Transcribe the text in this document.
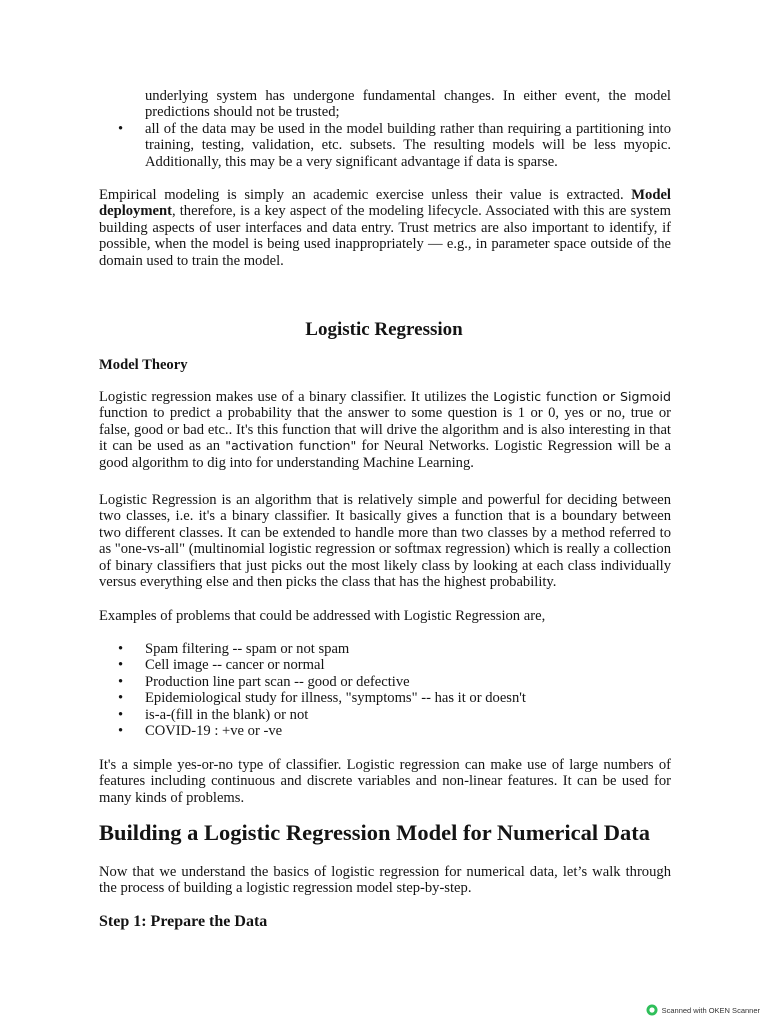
underlying system has undergone fundamental changes. In either event, the model predictions should not be trusted;

• all of the data may be used in the model building rather than requiring a partitioning into training, testing, validation, etc. subsets. The resulting models will be less myopic. Additionally, this may be a very significant advantage if data is sparse.

Empirical modeling is simply an academic exercise unless their value is extracted. Model deployment, therefore, is a key aspect of the modeling lifecycle. Associated with this are system building aspects of user interfaces and data entry. Trust metrics are also important to identify, if possible, when the model is being used inappropriately — e.g., in parameter space outside of the domain used to train the model.

Logistic Regression
Model Theory

Logistic regression makes use of a binary classifier. It utilizes the Logistic function or Sigmoid function to predict a probability that the answer to some question is 1 or 0, yes or no, true or false, good or bad etc.. It's this function that will drive the algorithm and is also interesting in that it can be used as an "activation function" for Neural Networks. Logistic Regression will be a good algorithm to dig into for understanding Machine Learning.

Logistic Regression is an algorithm that is relatively simple and powerful for deciding between two classes, i.e. it's a binary classifier. It basically gives a function that is a boundary between two different classes. It can be extended to handle more than two classes by a method referred to as "one-vs-all" (multinomial logistic regression or softmax regression) which is really a collection of binary classifiers that just picks out the most likely class by looking at each class individually versus everything else and then picks the class that has the highest probability.

Examples of problems that could be addressed with Logistic Regression are,

• Spam filtering -- spam or not spam
• Cell image -- cancer or normal
• Production line part scan -- good or defective
• Epidemiological study for illness, "symptoms" -- has it or doesn't
• is-a-(fill in the blank) or not
• COVID-19 : +ve or -ve

It's a simple yes-or-no type of classifier. Logistic regression can make use of large numbers of features including continuous and discrete variables and non-linear features. It can be used for many kinds of problems.

Building a Logistic Regression Model for Numerical Data

Now that we understand the basics of logistic regression for numerical data, let’s walk through the process of building a logistic regression model step-by-step.

Step 1: Prepare the Data
Scanned with OKEN Scanner
